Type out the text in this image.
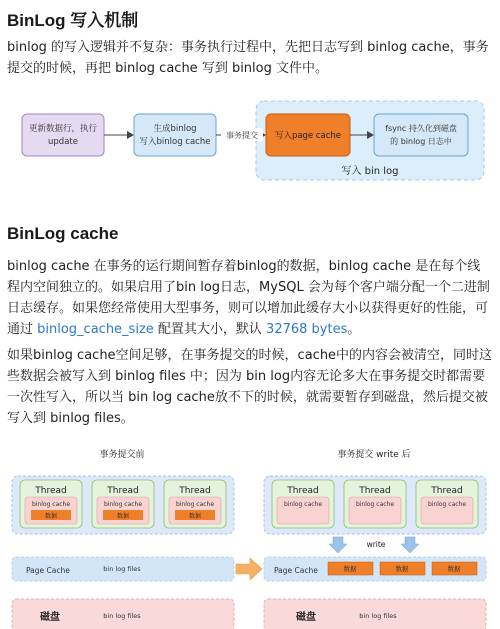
BinLog 写入机制

binlog 的写入逻辑并不复杂：事务执行过程中，先把日志写到 binlog cache，事务提交的时候，再把 binlog cache 写到 binlog 文件中。

更新数据行，执行
update
生成binlog
写入binlog cache
事务提交 写入page cache
fsync 持久化到磁盘
的 binlog 日志中
写入 bin log
BinLog cache

binlog cache 在事务的运行期间暂存着binlog的数据，binlog cache 是在每个线程内空间独立的。如果启用了bin log日志，MySQL 会为每个客户端分配一个二进制日志缓存。如果您经常使用大型事务，则可以增加此缓存大小以获得更好的性能，可通过 binlog_cache_size 配置其大小，默认 32768 bytes。

如果binlog cache空间足够，在事务提交的时候，cache中的内容会被清空，同时这些数据会被写入到 binlog files 中；因为 bin log内容无论多大在事务提交时都需要一次性写入，所以当 bin log cache放不下的时候，就需要暂存到磁盘，然后提交被写入到 binlog files。

事务提交前	事务提交 write 后
Thread
binlog cache
数据
Thread
binlog cache
数据
Thread
binlog cache
数据
Thread
binlog cache
Thread
binlog cache
Thread
binlog cache
write
Page Cache	bin log files	Page Cache	数据	数据	数据
磁盘	bin log files	磁盘	bin log files
